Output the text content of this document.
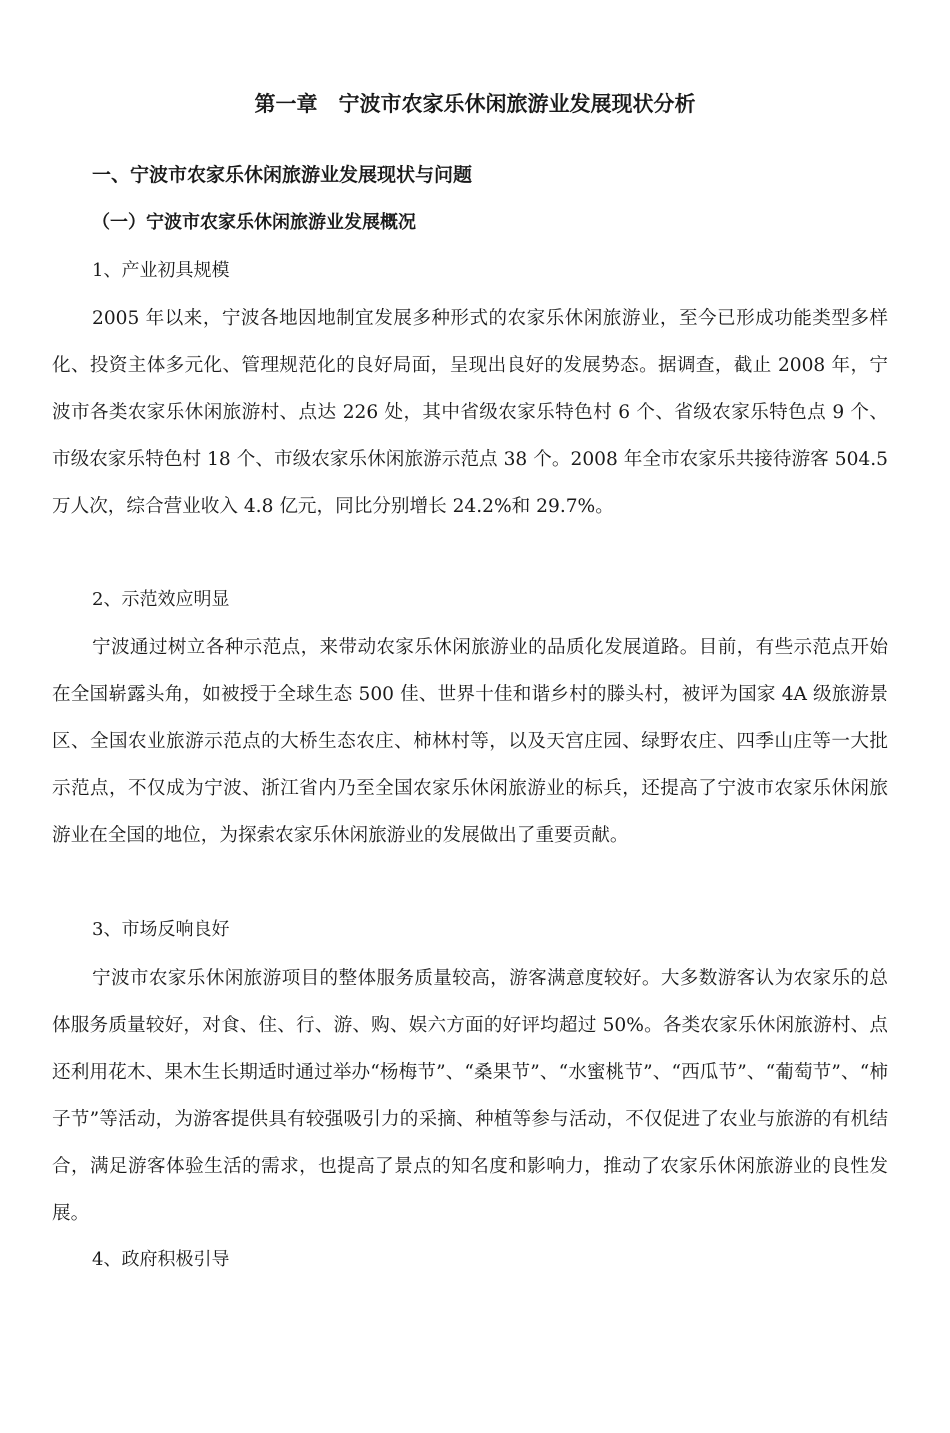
第一章　宁波市农家乐休闲旅游业发展现状分析
一、宁波市农家乐休闲旅游业发展现状与问题
（一）宁波市农家乐休闲旅游业发展概况

1、产业初具规模

2005 年以来，宁波各地因地制宜发展多种形式的农家乐休闲旅游业，至今已形成功能类型多样化、投资主体多元化、管理规范化的良好局面，呈现出良好的发展势态。据调查，截止 2008 年，宁波市各类农家乐休闲旅游村、点达 226 处，其中省级农家乐特色村 6 个、省级农家乐特色点 9 个、市级农家乐特色村 18 个、市级农家乐休闲旅游示范点 38 个。2008 年全市农家乐共接待游客 504.5 万人次，综合营业收入 4.8 亿元，同比分别增长 24.2%和 29.7%。

2、示范效应明显

宁波通过树立各种示范点，来带动农家乐休闲旅游业的品质化发展道路。目前，有些示范点开始在全国崭露头角，如被授于全球生态 500 佳、世界十佳和谐乡村的滕头村，被评为国家 4A 级旅游景区、全国农业旅游示范点的大桥生态农庄、柿林村等，以及天宫庄园、绿野农庄、四季山庄等一大批示范点，不仅成为宁波、浙江省内乃至全国农家乐休闲旅游业的标兵，还提高了宁波市农家乐休闲旅游业在全国的地位，为探索农家乐休闲旅游业的发展做出了重要贡献。

3、市场反响良好

宁波市农家乐休闲旅游项目的整体服务质量较高，游客满意度较好。大多数游客认为农家乐的总体服务质量较好，对食、住、行、游、购、娱六方面的好评均超过 50%。各类农家乐休闲旅游村、点还利用花木、果木生长期适时通过举办“杨梅节”、“桑果节”、“水蜜桃节”、“西瓜节”、“葡萄节”、“柿子节”等活动，为游客提供具有较强吸引力的采摘、种植等参与活动，不仅促进了农业与旅游的有机结合，满足游客体验生活的需求，也提高了景点的知名度和影响力，推动了农家乐休闲旅游业的良性发展。

4、政府积极引导
